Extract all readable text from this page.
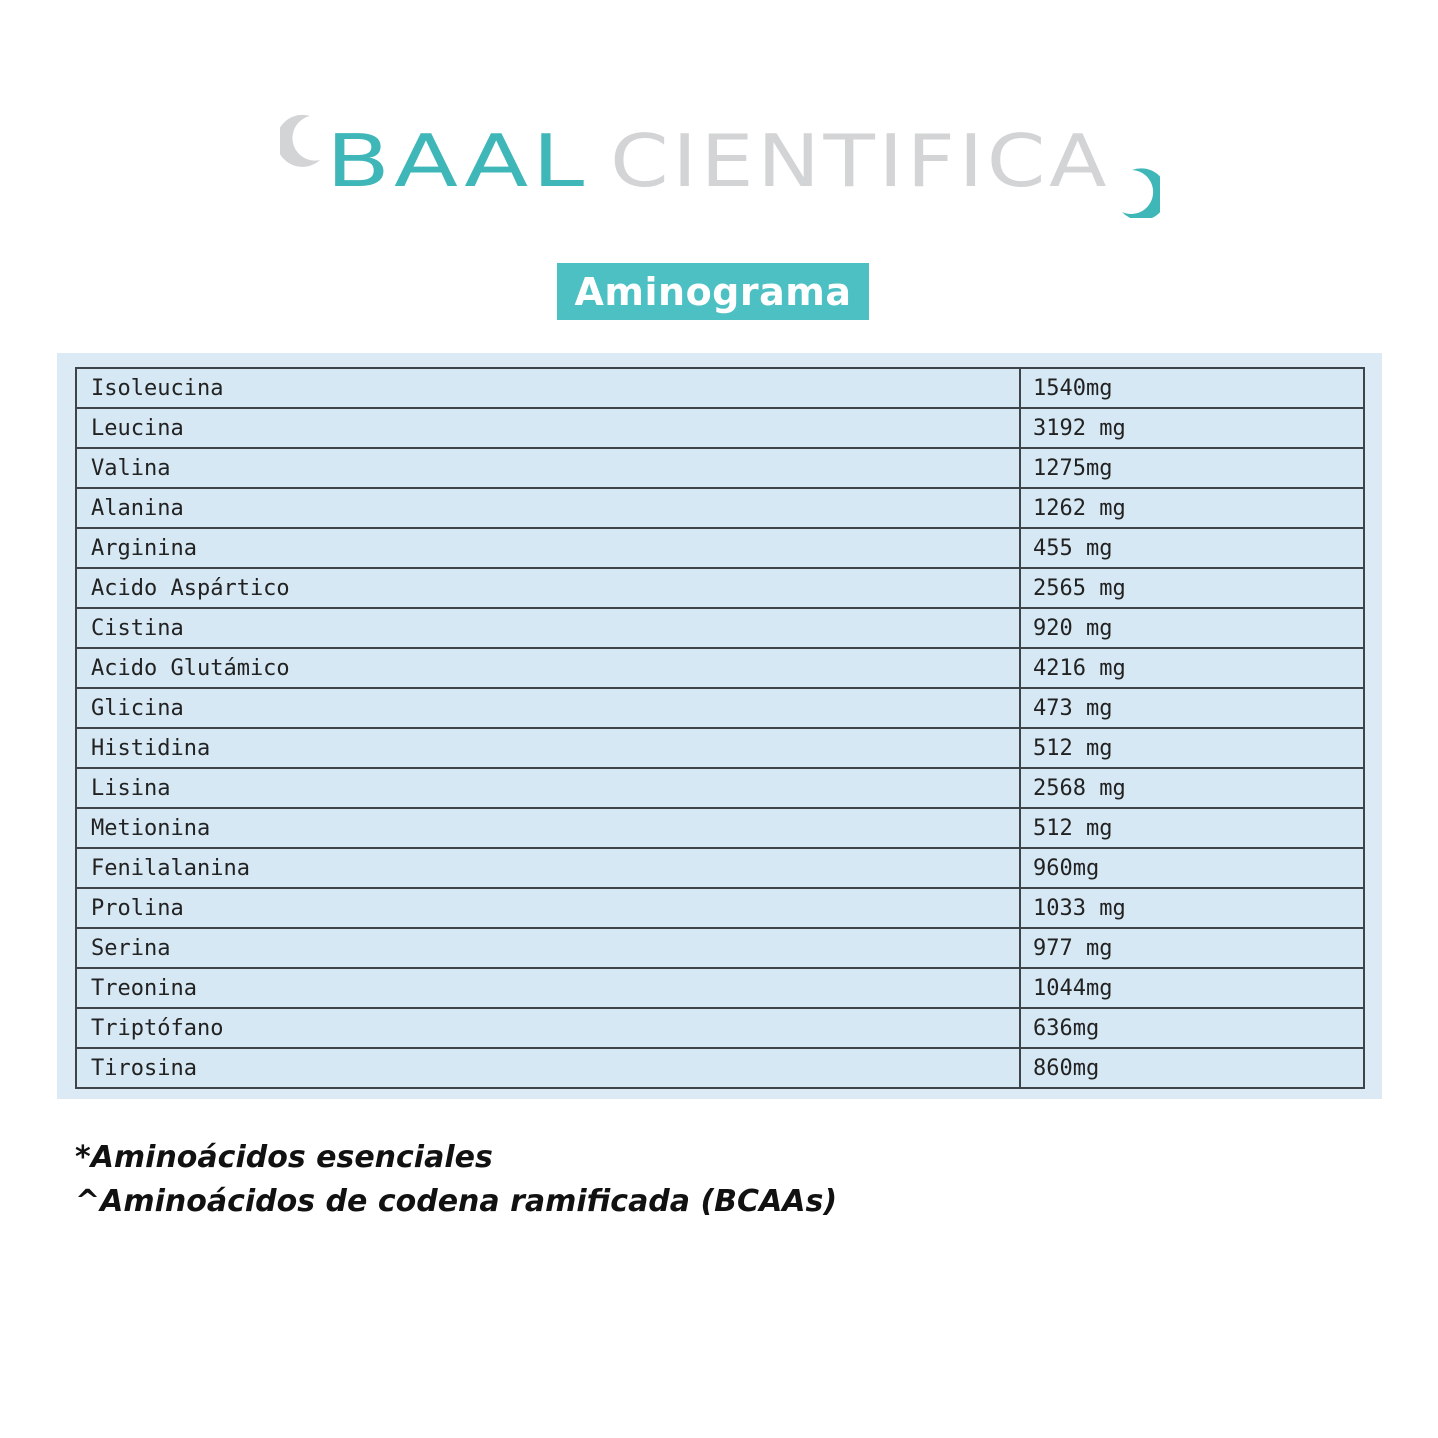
BAAL CIENTIFICA
Aminograma
Isoleucina	1540mg
Leucina	3192 mg
Valina	1275mg
Alanina	1262 mg
Arginina	455 mg
Acido Aspártico	2565 mg
Cistina	920 mg
Acido Glutámico	4216 mg
Glicina	473 mg
Histidina	512 mg
Lisina	2568 mg
Metionina	512 mg
Fenilalanina	960mg
Prolina	1033 mg
Serina	977 mg
Treonina	1044mg
Triptófano	636mg
Tirosina	860mg
*Aminoácidos esenciales
^Aminoácidos de codena ramificada (BCAAs)
